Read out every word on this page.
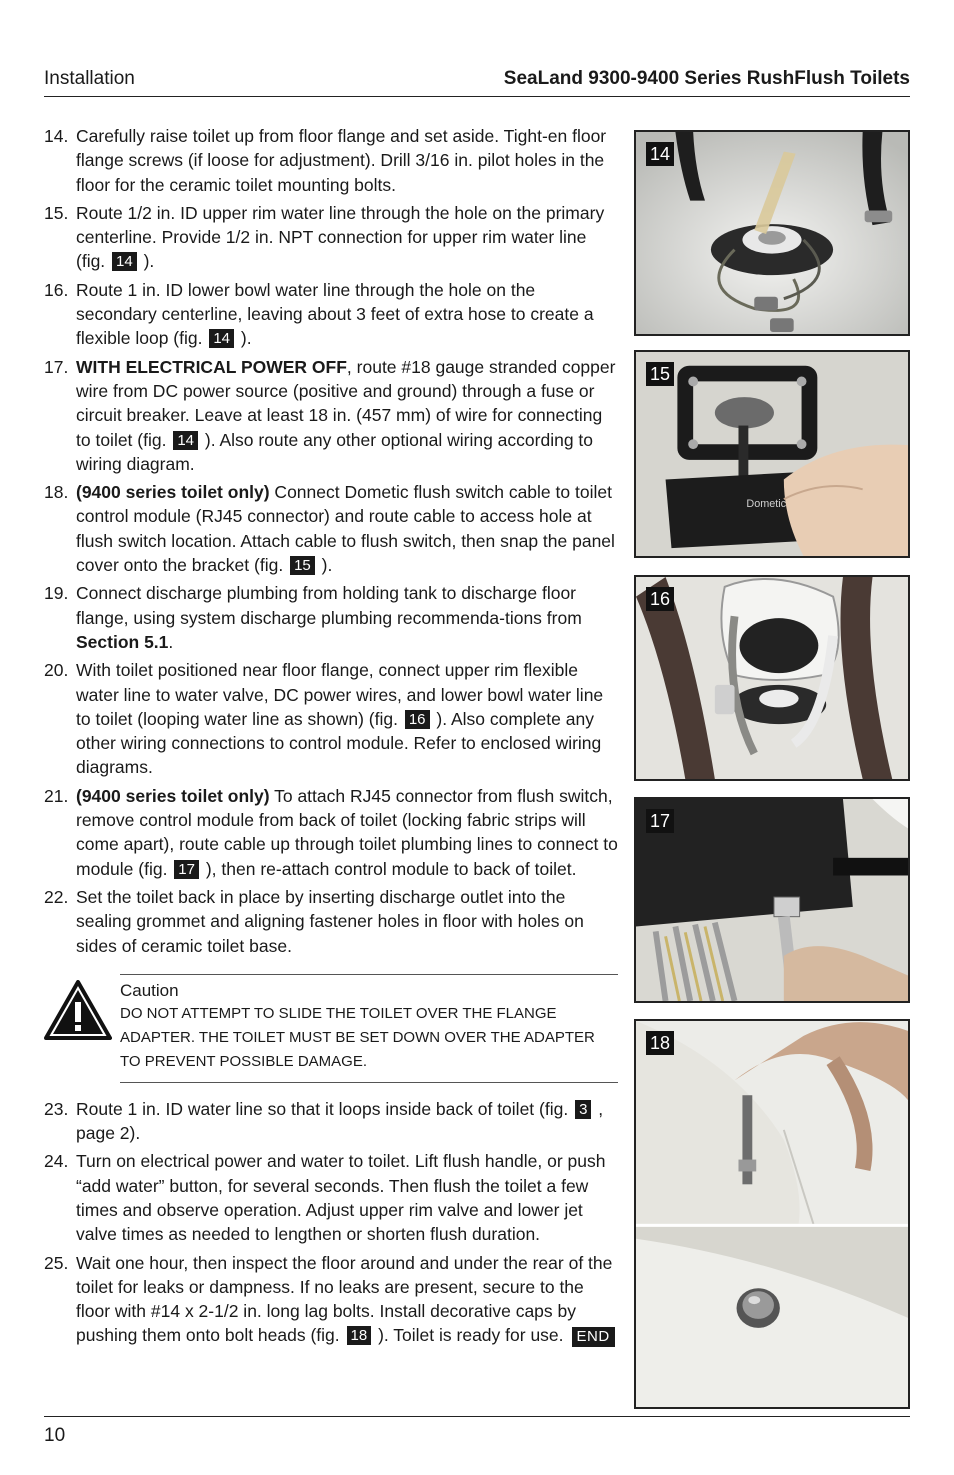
Installation	SeaLand 9300-9400 Series RushFlush Toilets
14. Carefully raise toilet up from floor flange and set aside. Tight-en floor flange screws (if loose for adjustment). Drill 3/16 in. pilot holes in the floor for the ceramic toilet mounting bolts.
15. Route 1/2 in. ID upper rim water line through the hole on the primary centerline. Provide 1/2 in. NPT connection for upper rim water line (fig. 14 ).
16. Route 1 in. ID lower bowl water line through the hole on the secondary centerline, leaving about 3 feet of extra hose to create a flexible loop (fig. 14 ).
17. WITH ELECTRICAL POWER OFF, route #18 gauge stranded copper wire from DC power source (positive and ground) through a fuse or circuit breaker. Leave at least 18 in. (457 mm) of wire for connecting to toilet (fig. 14 ). Also route any other optional wiring according to wiring diagram.
18. (9400 series toilet only) Connect Dometic flush switch cable to toilet control module (RJ45 connector) and route cable to access hole at flush switch location. Attach cable to flush switch, then snap the panel cover onto the bracket (fig. 15 ).
19. Connect discharge plumbing from holding tank to discharge floor flange, using system discharge plumbing recommenda-tions from Section 5.1.
20. With toilet positioned near floor flange, connect upper rim flexible water line to water valve, DC power wires, and lower bowl water line to toilet (looping water line as shown) (fig. 16 ). Also complete any other wiring connections to control module. Refer to enclosed wiring diagrams.
21. (9400 series toilet only) To attach RJ45 connector from flush switch, remove control module from back of toilet (locking fabric strips will come apart), route cable up through toilet plumbing lines to connect to module (fig. 17 ), then re-attach control module to back of toilet.
22. Set the toilet back in place by inserting discharge outlet into the sealing grommet and aligning fastener holes in floor with holes on sides of ceramic toilet base.
Caution
DO NOT ATTEMPT TO SLIDE THE TOILET OVER THE FLANGE ADAPTER. THE TOILET MUST BE SET DOWN OVER THE ADAPTER TO PREVENT POSSIBLE DAMAGE.
23. Route 1 in. ID water line so that it loops inside back of toilet (fig. 3 , page 2).
24. Turn on electrical power and water to toilet. Lift flush handle, or push “add water” button, for several seconds. Then flush the toilet a few times and observe operation. Adjust upper rim valve and lower jet valve times as needed to lengthen or shorten flush duration.
25. Wait one hour, then inspect the floor around and under the rear of the toilet for leaks or dampness. If no leaks are present, secure to the floor with #14 x 2-1/2 in. long lag bolts. Install decorative caps by pushing them onto bolt heads (fig. 18 ). Toilet is ready for use. END
14
15
Dometic
16
17
18
10
